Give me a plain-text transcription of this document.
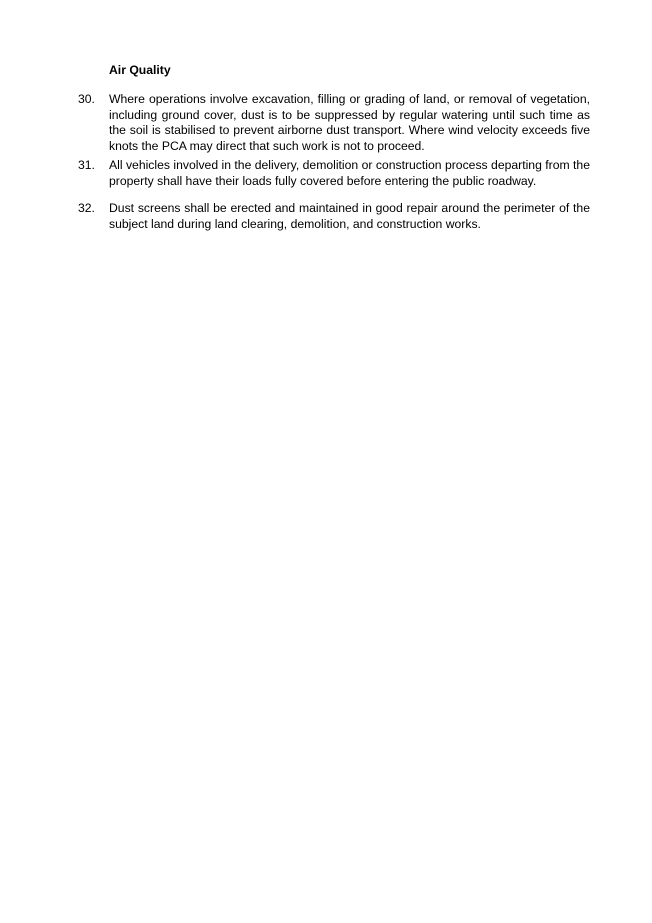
Air Quality
30.	Where operations involve excavation, filling or grading of land, or removal of vegetation, including ground cover, dust is to be suppressed by regular watering until such time as the soil is stabilised to prevent airborne dust transport. Where wind velocity exceeds five knots the PCA may direct that such work is not to proceed.
31.	All vehicles involved in the delivery, demolition or construction process departing from the property shall have their loads fully covered before entering the public roadway.
32.	Dust screens shall be erected and maintained in good repair around the perimeter of the subject land during land clearing, demolition, and construction works.
